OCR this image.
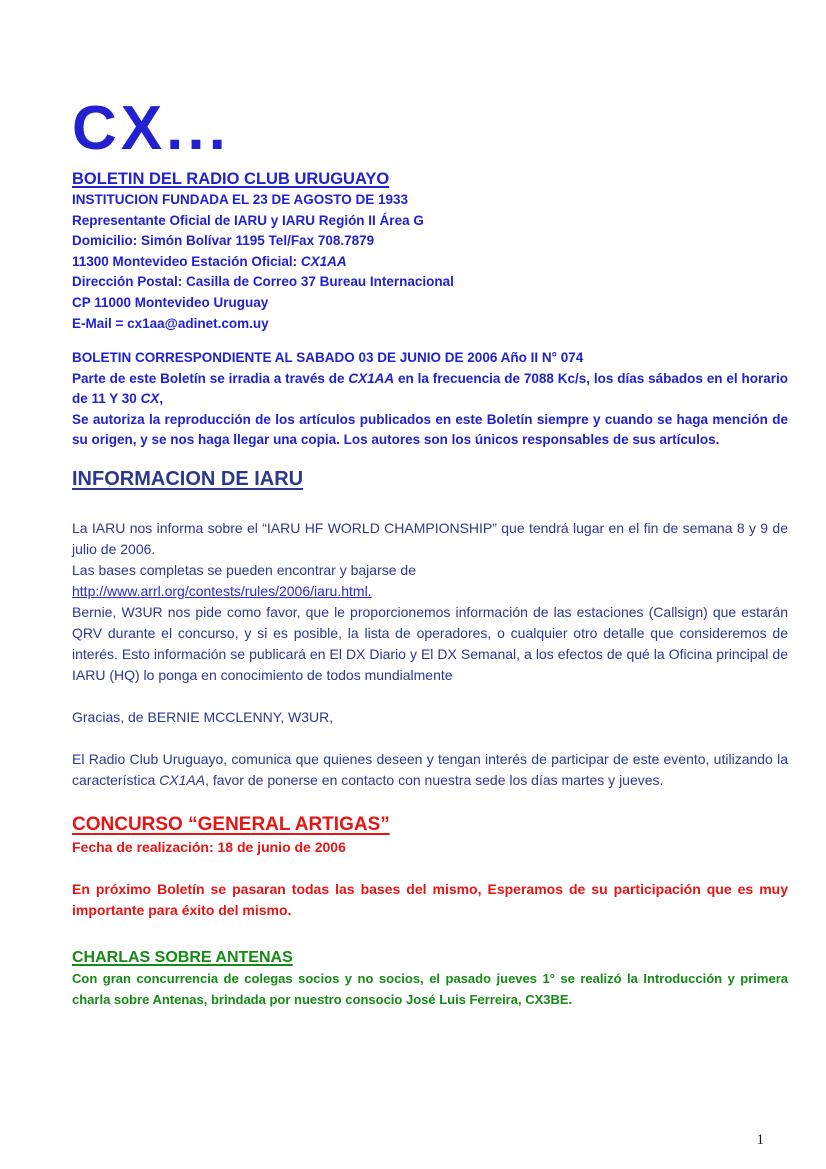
CX...

BOLETIN DEL RADIO CLUB URUGUAYO

INSTITUCION FUNDADA EL 23 DE AGOSTO DE 1933

Representante Oficial de IARU y IARU Región II Área G

Domicilio: Simón Bolívar 1195 Tel/Fax 708.7879

11300 Montevideo Estación Oficial: CX1AA

Dirección Postal: Casilla de Correo 37 Bureau Internacional

CP 11000 Montevideo Uruguay

E-Mail = cx1aa@adinet.com.uy

BOLETIN CORRESPONDIENTE AL SABADO 03 DE JUNIO DE 2006 Año II N° 074

Parte de este Boletín se irradia a través de CX1AA en la frecuencia de 7088 Kc/s, los días sábados en el horario de 11 Y 30 CX,

Se autoriza la reproducción de los artículos publicados en este Boletín siempre y cuando se haga mención de su origen, y se nos haga llegar una copia. Los autores son los únicos responsables de sus artículos.

INFORMACION DE IARU

La IARU nos informa sobre el “IARU HF WORLD CHAMPIONSHIP” que tendrá lugar en el fin de semana 8 y 9 de julio de 2006.

Las bases completas se pueden encontrar y bajarse de

http://www.arrl.org/contests/rules/2006/iaru.html.

Bernie, W3UR nos pide como favor, que le proporcionemos información de las estaciones (Callsign) que estarán QRV durante el concurso, y si es posible, la lista de operadores, o cualquier otro detalle que consideremos de interés. Esto información se publicará en El DX Diario y El DX Semanal, a los efectos de qué la Oficina principal de IARU (HQ) lo ponga en conocimiento de todos mundialmente

Gracias, de BERNIE MCCLENNY, W3UR,

El Radio Club Uruguayo, comunica que quienes deseen y tengan interés de participar de este evento, utilizando la característica CX1AA, favor de ponerse en contacto con nuestra sede los días martes y jueves.

CONCURSO “GENERAL ARTIGAS”

Fecha de realización: 18 de junio de 2006

En próximo Boletín se pasaran todas las bases del mismo, Esperamos de su participación que es muy importante para éxito del mismo.

CHARLAS SOBRE ANTENAS

Con gran concurrencia de colegas socios y no socios, el pasado jueves 1° se realizó la Introducción y primera charla sobre Antenas, brindada por nuestro consocio José Luis Ferreira, CX3BE.

1
